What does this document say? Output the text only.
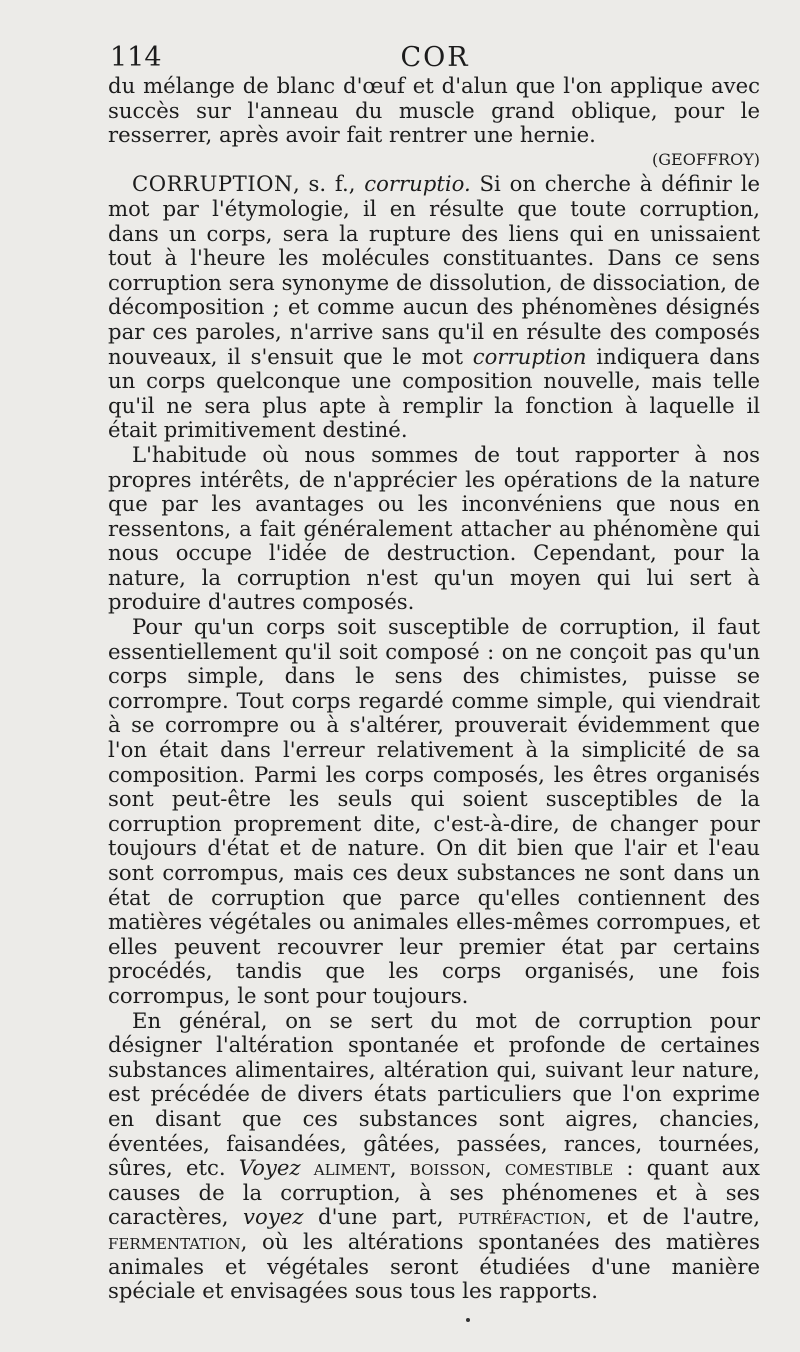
114	COR

du mélange de blanc d'œuf et d'alun que l'on applique avec succès sur l'anneau du muscle grand oblique, pour le resserrer, après avoir fait rentrer une hernie.
(GEOFFROY)

CORRUPTION, s. f., corruptio. Si on cherche à définir le mot par l'étymologie, il en résulte que toute corruption, dans un corps, sera la rupture des liens qui en unissaient tout à l'heure les molécules constituantes. Dans ce sens corruption sera synonyme de dissolution, de dissociation, de décomposition ; et comme aucun des phénomènes désignés par ces paroles, n'arrive sans qu'il en résulte des composés nouveaux, il s'ensuit que le mot corruption indiquera dans un corps quelconque une composition nouvelle, mais telle qu'il ne sera plus apte à remplir la fonction à laquelle il était primitivement destiné.

L'habitude où nous sommes de tout rapporter à nos propres intérêts, de n'apprécier les opérations de la nature que par les avantages ou les inconvéniens que nous en ressentons, a fait généralement attacher au phénomène qui nous occupe l'idée de destruction. Cependant, pour la nature, la corruption n'est qu'un moyen qui lui sert à produire d'autres composés.

Pour qu'un corps soit susceptible de corruption, il faut essentiellement qu'il soit composé : on ne conçoit pas qu'un corps simple, dans le sens des chimistes, puisse se corrompre. Tout corps regardé comme simple, qui viendrait à se corrompre ou à s'altérer, prouverait évidemment que l'on était dans l'erreur relativement à la simplicité de sa composition. Parmi les corps composés, les êtres organisés sont peut-être les seuls qui soient susceptibles de la corruption proprement dite, c'est-à-dire, de changer pour toujours d'état et de nature. On dit bien que l'air et l'eau sont corrompus, mais ces deux substances ne sont dans un état de corruption que parce qu'elles contiennent des matières végétales ou animales elles-mêmes corrompues, et elles peuvent recouvrer leur premier état par certains procédés, tandis que les corps organisés, une fois corrompus, le sont pour toujours.

En général, on se sert du mot de corruption pour désigner l'altération spontanée et profonde de certaines substances alimentaires, altération qui, suivant leur nature, est précédée de divers états particuliers que l'on exprime en disant que ces substances sont aigres, chancies, éventées, faisandées, gâtées, passées, rances, tournées, sûres, etc. Voyez aliment, boisson, comestible : quant aux causes de la corruption, à ses phénomenes et à ses caractères, voyez d'une part, putréfaction, et de l'autre, fermentation, où les altérations spontanées des matières animales et végétales seront étudiées d'une manière spéciale et envisagées sous tous les rapports.
